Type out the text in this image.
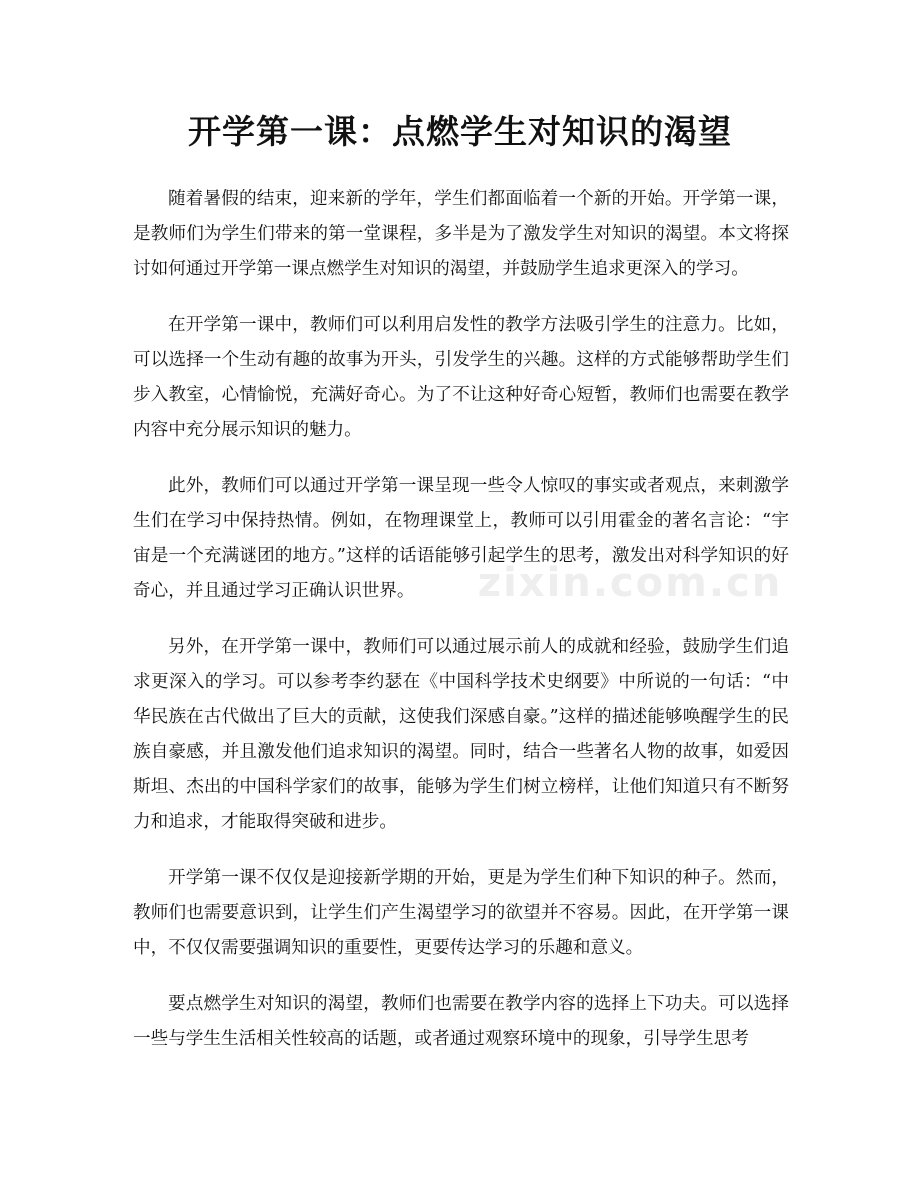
开学第一课：点燃学生对知识的渴望

随着暑假的结束，迎来新的学年，学生们都面临着一个新的开始。开学第一课，是教师们为学生们带来的第一堂课程，多半是为了激发学生对知识的渴望。本文将探讨如何通过开学第一课点燃学生对知识的渴望，并鼓励学生追求更深入的学习。

在开学第一课中，教师们可以利用启发性的教学方法吸引学生的注意力。比如，可以选择一个生动有趣的故事为开头，引发学生的兴趣。这样的方式能够帮助学生们步入教室，心情愉悦，充满好奇心。为了不让这种好奇心短暂，教师们也需要在教学内容中充分展示知识的魅力。

此外，教师们可以通过开学第一课呈现一些令人惊叹的事实或者观点，来刺激学生们在学习中保持热情。例如，在物理课堂上，教师可以引用霍金的著名言论：“宇宙是一个充满谜团的地方。”这样的话语能够引起学生的思考，激发出对科学知识的好奇心，并且通过学习正确认识世界。

另外，在开学第一课中，教师们可以通过展示前人的成就和经验，鼓励学生们追求更深入的学习。可以参考李约瑟在《中国科学技术史纲要》中所说的一句话：“中华民族在古代做出了巨大的贡献，这使我们深感自豪。”这样的描述能够唤醒学生的民族自豪感，并且激发他们追求知识的渴望。同时，结合一些著名人物的故事，如爱因斯坦、杰出的中国科学家们的故事，能够为学生们树立榜样，让他们知道只有不断努力和追求，才能取得突破和进步。

开学第一课不仅仅是迎接新学期的开始，更是为学生们种下知识的种子。然而，教师们也需要意识到，让学生们产生渴望学习的欲望并不容易。因此，在开学第一课中，不仅仅需要强调知识的重要性，更要传达学习的乐趣和意义。

要点燃学生对知识的渴望，教师们也需要在教学内容的选择上下功夫。可以选择一些与学生生活相关性较高的话题，或者通过观察环境中的现象，引导学生思考

zixin.com.cn
